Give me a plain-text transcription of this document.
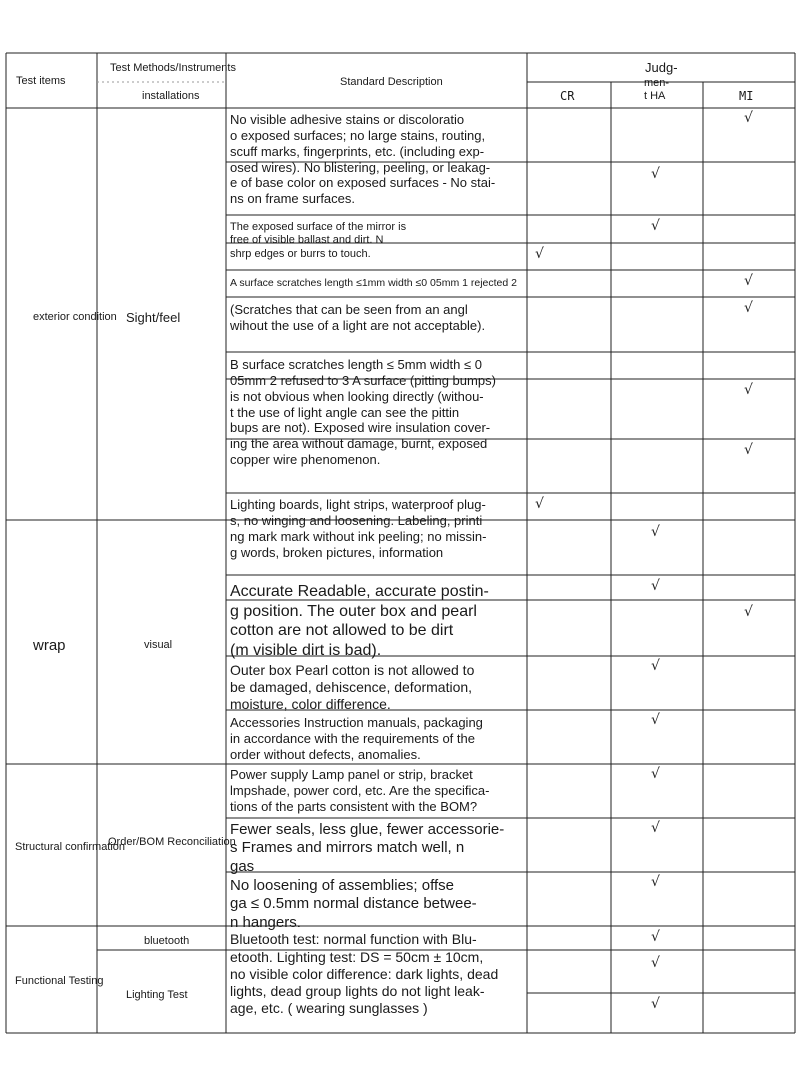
Test items
Test Methods/Instruments
installations
Standard Description
Judg-
CR
men-
t HA	MI
exterior condition Sight/feel
wrap	visual
Structural confirmation
Order/BOM Reconciliation
Functional Testing
bluetooth
Lighting Test
No visible adhesive stains or discoloratio
o exposed surfaces; no large stains, routing,
scuff marks, fingerprints, etc. (including exp-
osed wires). No blistering, peeling, or leakag-
e of base color on exposed surfaces - No stai-
ns on frame surfaces.
The exposed surface of the mirror is
free of visible ballast and dirt. N
shrp edges or burrs to touch.
A surface scratches length ≤1mm width ≤0 05mm 1 rejected 2
(Scratches that can be seen from an angl
wihout the use of a light are not acceptable).
B surface scratches length ≤ 5mm width ≤ 0
05mm 2 refused to 3 A surface (pitting bumps)
is not obvious when looking directly (withou-
t the use of light angle can see the pittin
bups are not). Exposed wire insulation cover-
ing the area without damage, burnt, exposed
copper wire phenomenon.
Lighting boards, light strips, waterproof plug-
s, no winging and loosening. Labeling, printi
ng mark mark without ink peeling; no missin-
g words, broken pictures, information
Accurate Readable, accurate postin-
g position. The outer box and pearl
cotton are not allowed to be dirt
(m visible dirt is bad).
Outer box Pearl cotton is not allowed to
be damaged, dehiscence, deformation,
moisture, color difference.
Accessories Instruction manuals, packaging
in accordance with the requirements of the
order without defects, anomalies.
Power supply Lamp panel or strip, bracket
lmpshade, power cord, etc. Are the specifica-
tions of the parts consistent with the BOM?
Fewer seals, less glue, fewer accessorie-
s Frames and mirrors match well, n
gas
No loosening of assemblies; offse
ga ≤ 0.5mm normal distance betwee-
n hangers.
Bluetooth test: normal function with Blu-
etooth. Lighting test: DS = 50cm ± 10cm,
no visible color difference: dark lights, dead
lights, dead group lights do not light leak-
age, etc. ( wearing sunglasses )
√
√
√
√
√
√
√
√
√
√
√
√
√
√
√
√
√
√
√
√
